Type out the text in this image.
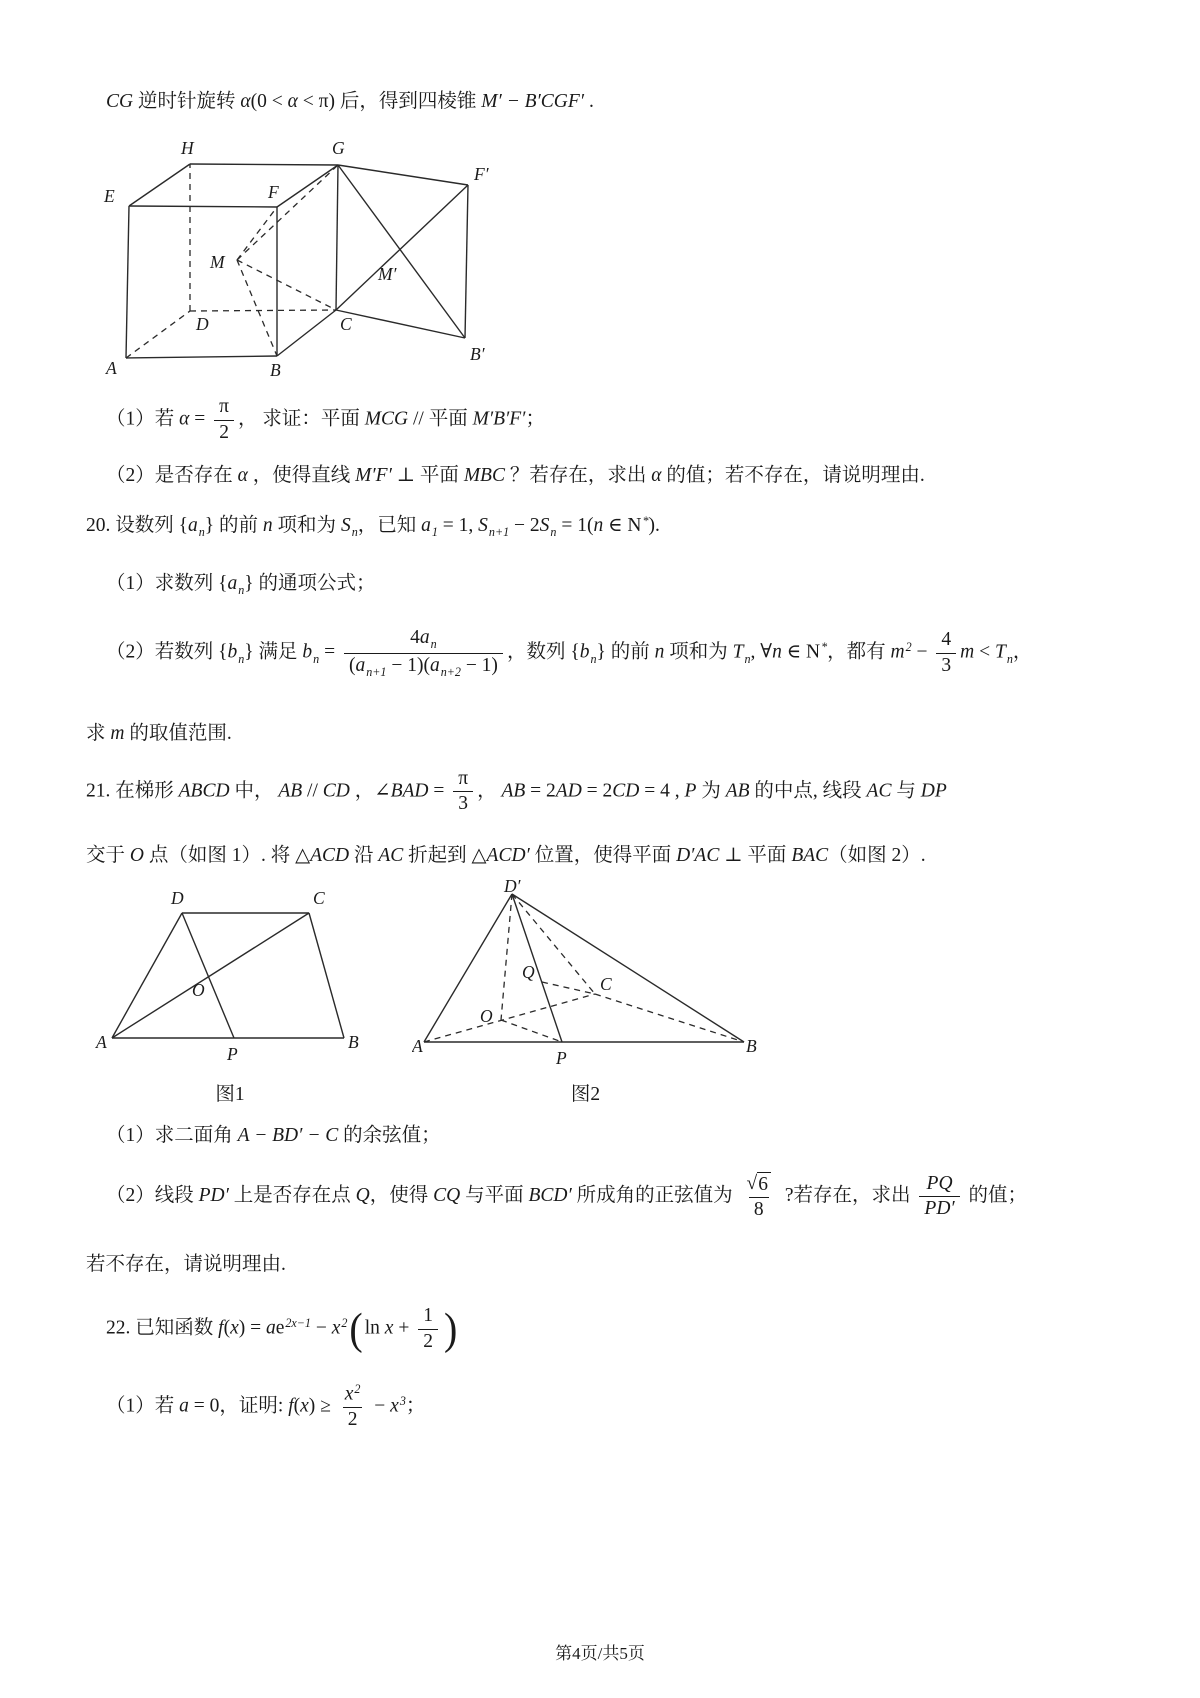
CG 逆时针旋转 α(0 < α < π) 后，得到四棱锥 M′ − B′CGF′ .
A	B
C
D
E	F
G
H
M
M′
B′
F′
（1）若 $\alpha = \frac{\pi}{2}$ ， 求证：平面 MCG // 平面 M′B′F′；
（2）是否存在 α ，使得直线 M′F′ ⊥ 平面 MBC ？若存在，求出 α 的值；若不存在，请说明理由.
20. 设数列 $\{a_n\}$ 的前 n 项和为 $S_n$，已知 $a_1 = 1$, $S_{n+1} - 2S_n = 1(n$ ∈ N*).
（1）求数列 $\{a_n\}$ 的通项公式；
（2）若数列 $\{b_n\}$ 满足 $b_n = \frac{4a_n}{(a_{n+1} - 1)(a_{n+2} - 1)}$ ，数列 $\{b_n\}$ 的前 n 项和为 $T_n$, ∀n ∈ N*，都有 $m^2 - \frac{4}{3}$ $m < T_n$，
求 m 的取值范围.
21. 在梯形 ABCD 中， AB // CD ，∠BAD = $\frac{\pi}{3}$ ， AB = 2AD = 2CD = 4 , P 为 AB 的中点, 线段 AC 与 DP
交于 O 点（如图 1）. 将 △ACD 沿 AC 折起到 △ACD′ 位置，使得平面 D′AC ⊥ 平面 BAC（如图 2）.
A	B
C
D
O
P
图1
A	B
C
D′
O
P
Q
图2
（1）求二面角 A − BD′ − C 的余弦值；
（2）线段 PD′ 上是否存在点 Q，使得 CQ 与平面 BCD′ 所成角的正弦值为 $\frac{√ 6}{8}$ ?若存在，求出 $\frac{PQ}{PD'}$ 的值；
若不存在，请说明理由.
22. 已知函数 $f(x) = ae^{2x-1} - x^2$( $\ln x + \frac{1}{2}$ )
（1）若 a = 0，证明: $f(x) \ge \frac{x^2}{2} - x^3$；
第4页/共5页
